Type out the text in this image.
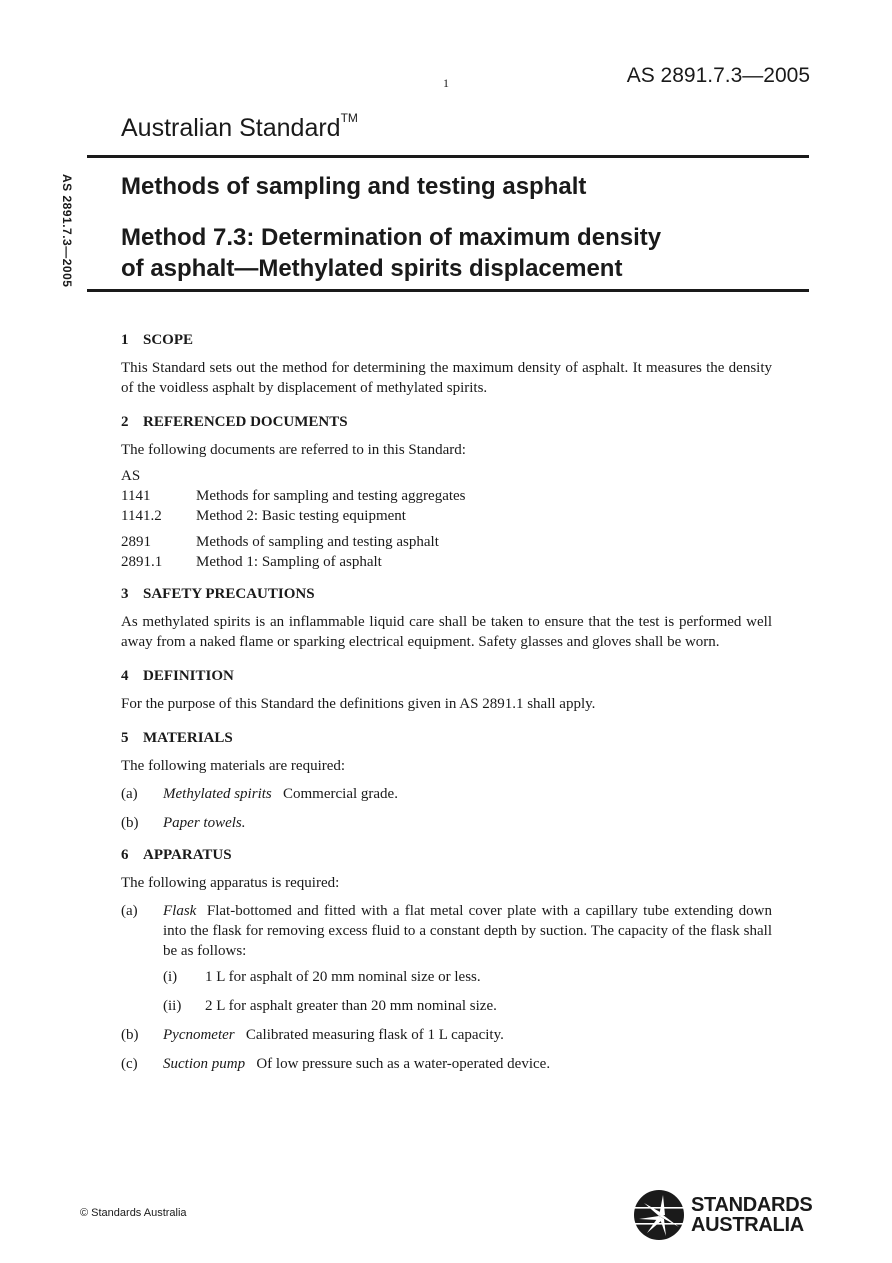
1	AS 2891.7.3—2005
Australian Standard™
AS 2891.7.3—2005 Methods of sampling and testing asphalt
Method 7.3: Determination of maximum density
of asphalt—Methylated spirits displacement
1 SCOPE

This Standard sets out the method for determining the maximum density of asphalt. It measures the density of the voidless asphalt by displacement of methylated spirits.

2 REFERENCED DOCUMENTS

The following documents are referred to in this Standard:

AS
1141	Methods for sampling and testing aggregates
1141.2	Method 2: Basic testing equipment
2891	Methods of sampling and testing asphalt
2891.1	Method 1: Sampling of asphalt
3 SAFETY PRECAUTIONS

As methylated spirits is an inflammable liquid care shall be taken to ensure that the test is performed well away from a naked flame or sparking electrical equipment. Safety glasses and gloves shall be worn.

4 DEFINITION

For the purpose of this Standard the definitions given in AS 2891.1 shall apply.

5 MATERIALS

The following materials are required:

(a)	Methylated spirits Commercial grade.
(b)	Paper towels.
6 APPARATUS

The following apparatus is required:

(a)	Flask Flat-bottomed and fitted with a flat metal cover plate with a capillary tube extending down into the flask for removing excess fluid to a constant depth by suction. The capacity of the flask shall be as follows:
(i)	1 L for asphalt of 20 mm nominal size or less.
(ii)	2 L for asphalt greater than 20 mm nominal size.
(b)	Pycnometer Calibrated measuring flask of 1 L capacity.
(c)	Suction pump Of low pressure such as a water-operated device.
© Standards Australia	STANDARDS
AUSTRALIA
